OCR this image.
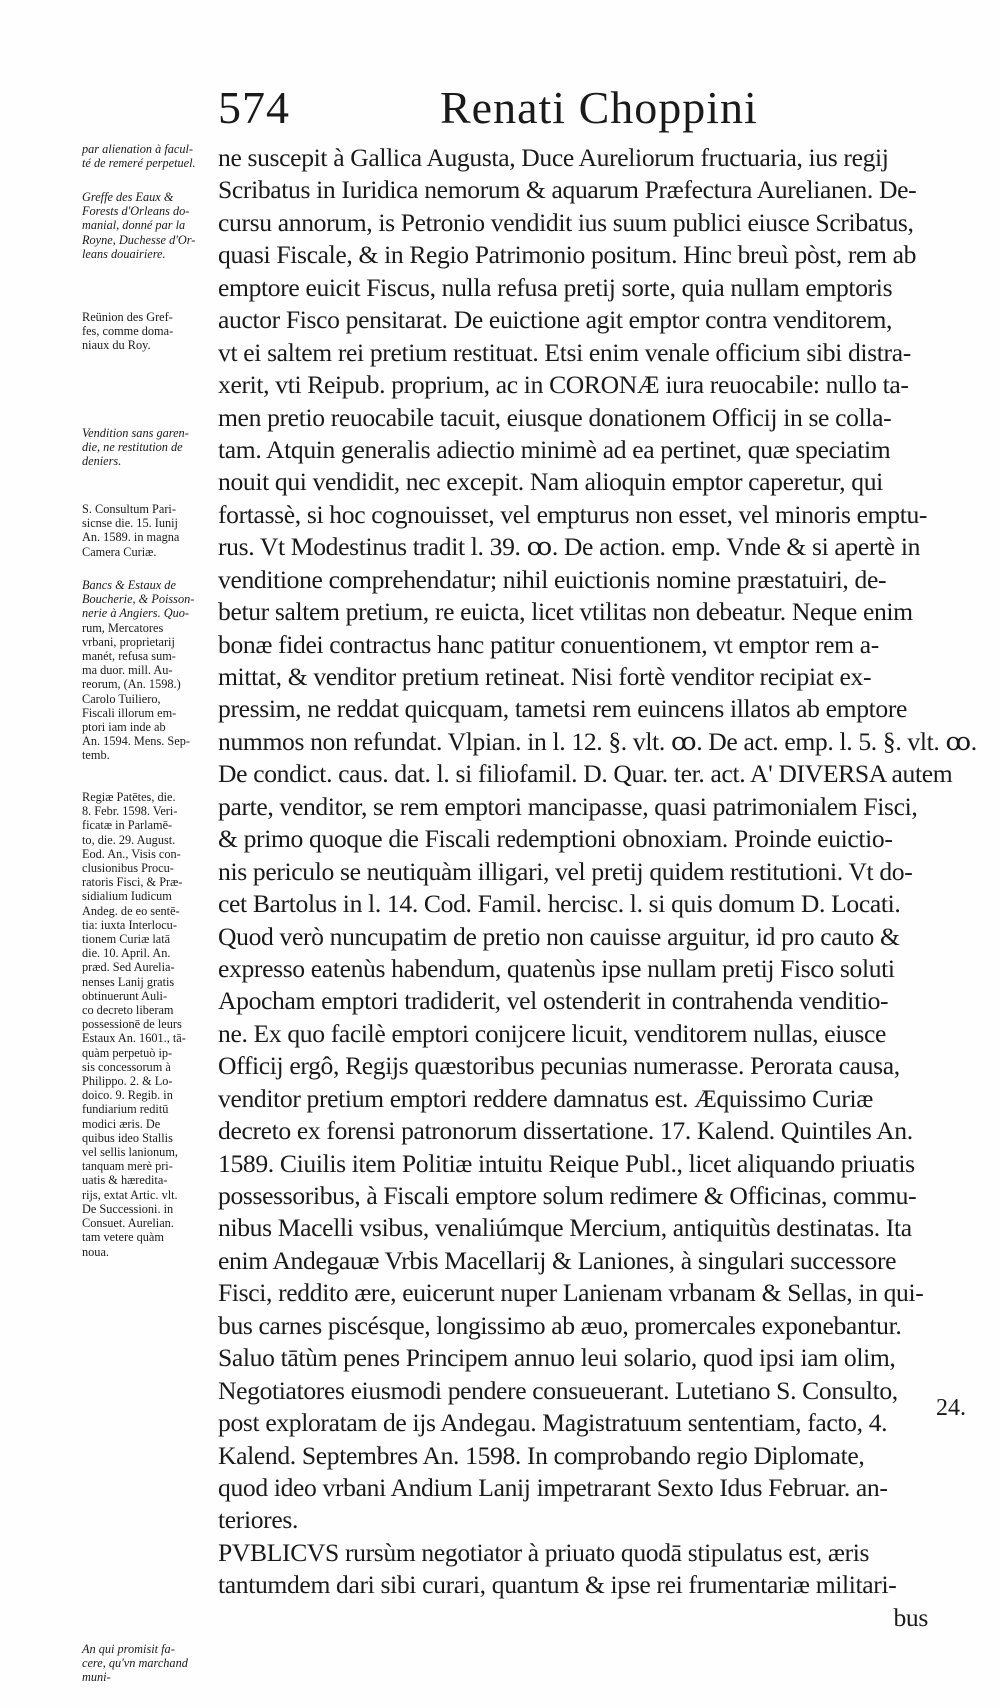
574	Renati Choppini
par alienation à facul-
té de remeré perpetuel.
Greffe des Eaux &
Forests d'Orleans do-
manial, donné par la
Royne, Duchesse d'Or-
leans douairiere.
Reünion des Gref-
fes, comme doma-
niaux du Roy.
Vendition sans garen-
die, ne restitution de
deniers.
S. Consultum Pari-
sicnse die. 15. Iunij
An. 1589. in magna
Camera Curiæ.
Bancs & Estaux de
Boucherie, & Poisson-
nerie à Angiers. Quo-
rum, Mercatores
vrbani, proprietarij
manét, refusa sum-
ma duor. mill. Au-
reorum, (An. 1598.)
Carolo Tuiliero,
Fiscali illorum em-
ptori iam inde ab
An. 1594. Mens. Sep-
temb.
Regiæ Patētes, die.
8. Febr. 1598. Veri-
ficatæ in Parlamē-
to, die. 29. August.
Eod. An., Visis con-
clusionibus Procu-
ratoris Fisci, & Præ-
sidialium Iudicum
Andeg. de eo sentē-
tia: iuxta Interlocu-
tionem Curiæ latā
die. 10. April. An.
præd. Sed Aurelia-
nenses Lanij gratis
obtinuerunt Auli-
co decreto liberam
possessionē de leurs
Estaux An. 1601., tā-
quàm perpetuò ip-
sis concessorum à
Philippo. 2. & Lo-
doico. 9. Regib. in
fundiarium reditū
modici æris. De
quibus ideo Stallis
vel sellis lanionum,
tanquam merè pri-
uatis & hæredita-
rijs, extat Artic. vlt.
De Successioni. in
Consuet. Aurelian.
tam vetere quàm
noua.
An qui promisit fa-
cere, qu'vn marchand
muni-
ne suscepit à Gallica Augusta, Duce Aureliorum fructuaria, ius regij
Scribatus in Iuridica nemorum & aquarum Præfectura Aurelianen. De-
cursu annorum, is Petronio vendidit ius suum publici eiusce Scribatus,
quasi Fiscale, & in Regio Patrimonio positum. Hinc breuì pòst, rem ab
emptore euicit Fiscus, nulla refusa pretij sorte, quia nullam emptoris
auctor Fisco pensitarat. De euictione agit emptor contra venditorem,
vt ei saltem rei pretium restituat. Etsi enim venale officium sibi distra-
xerit, vti Reipub. proprium, ac in CORONÆ iura reuocabile: nullo ta-
men pretio reuocabile tacuit, eiusque donationem Officij in se colla-
tam. Atquin generalis adiectio minimè ad ea pertinet, quæ speciatim
nouit qui vendidit, nec excepit. Nam alioquin emptor caperetur, qui
fortassè, si hoc cognouisset, vel empturus non esset, vel minoris emptu-
rus. Vt Modestinus tradit l. 39. ꝏ. De action. emp. Vnde & si apertè in
venditione comprehendatur; nihil euictionis nomine præstatuiri, de-
betur saltem pretium, re euicta, licet vtilitas non debeatur. Neque enim
bonæ fidei contractus hanc patitur conuentionem, vt emptor rem a-
mittat, & venditor pretium retineat. Nisi fortè venditor recipiat ex-
pressim, ne reddat quicquam, tametsi rem euincens illatos ab emptore
nummos non refundat. Vlpian. in l. 12. §. vlt. ꝏ. De act. emp. l. 5. §. vlt. ꝏ.
De condict. caus. dat. l. si filiofamil. D. Quar. ter. act. A' DIVERSA autem
parte, venditor, se rem emptori mancipasse, quasi patrimonialem Fisci,
& primo quoque die Fiscali redemptioni obnoxiam. Proinde euictio-
nis periculo se neutiquàm illigari, vel pretij quidem restitutioni. Vt do-
cet Bartolus in l. 14. Cod. Famil. hercisc. l. si quis domum D. Locati.
Quod verò nuncupatim de pretio non cauisse arguitur, id pro cauto &
expresso eatenùs habendum, quatenùs ipse nullam pretij Fisco soluti
Apocham emptori tradiderit, vel ostenderit in contrahenda venditio-
ne. Ex quo facilè emptori conijcere licuit, venditorem nullas, eiusce
Officij ergô, Regijs quæstoribus pecunias numerasse. Perorata causa,
venditor pretium emptori reddere damnatus est. Æquissimo Curiæ
decreto ex forensi patronorum dissertatione. 17. Kalend. Quintiles An.
1589. Ciuilis item Politiæ intuitu Reique Publ., licet aliquando priuatis
possessoribus, à Fiscali emptore solum redimere & Officinas, commu-
nibus Macelli vsibus, venaliúmque Mercium, antiquitùs destinatas. Ita
enim Andegauæ Vrbis Macellarij & Laniones, à singulari successore
Fisci, reddito ære, euicerunt nuper Lanienam vrbanam & Sellas, in qui-
bus carnes piscésque, longissimo ab æuo, promercales exponebantur.
Saluo tātùm penes Principem annuo leui solario, quod ipsi iam olim,
Negotiatores eiusmodi pendere consueuerant. Lutetiano S. Consulto,
post exploratam de ijs Andegau. Magistratuum sententiam, facto, 4.
Kalend. Septembres An. 1598. In comprobando regio Diplomate,
quod ideo vrbani Andium Lanij impetrarant Sexto Idus Februar. an-
teriores.
PVBLICVS rursùm negotiator à priuato quodā stipulatus est, æris
tantumdem dari sibi curari, quantum & ipse rei frumentariæ militari-
bus
24.
